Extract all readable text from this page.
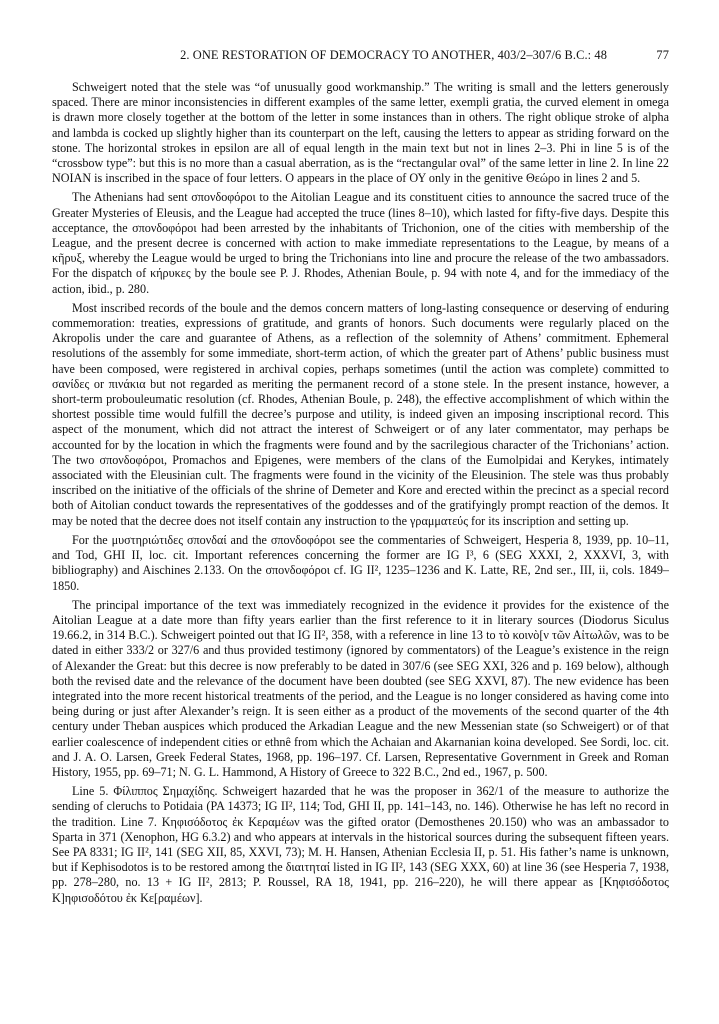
2. ONE RESTORATION OF DEMOCRACY TO ANOTHER, 403/2–307/6 B.C.: 48	77

Schweigert noted that the stele was “of unusually good workmanship.” The writing is small and the letters generously spaced. There are minor inconsistencies in different examples of the same letter, exempli gratia, the curved element in omega is drawn more closely together at the bottom of the letter in some instances than in others. The right oblique stroke of alpha and lambda is cocked up slightly higher than its counterpart on the left, causing the letters to appear as striding forward on the stone. The horizontal strokes in epsilon are all of equal length in the main text but not in lines 2–3. Phi in line 5 is of the “crossbow type”: but this is no more than a casual aberration, as is the “rectangular oval” of the same letter in line 2. In line 22 NOIAN is inscribed in the space of four letters. Ο appears in the place of ΟΥ only in the genitive Θεώρο in lines 2 and 5.

The Athenians had sent σπονδοφόροι to the Aitolian League and its constituent cities to announce the sacred truce of the Greater Mysteries of Eleusis, and the League had accepted the truce (lines 8–10), which lasted for fifty-five days. Despite this acceptance, the σπονδοφόροι had been arrested by the inhabitants of Trichonion, one of the cities with membership of the League, and the present decree is concerned with action to make immediate representations to the League, by means of a κῆρυξ, whereby the League would be urged to bring the Trichonians into line and procure the release of the two ambassadors. For the dispatch of κήρυκες by the boule see P. J. Rhodes, Athenian Boule, p. 94 with note 4, and for the immediacy of the action, ibid., p. 280.

Most inscribed records of the boule and the demos concern matters of long-lasting consequence or deserving of enduring commemoration: treaties, expressions of gratitude, and grants of honors. Such documents were regularly placed on the Akropolis under the care and guarantee of Athens, as a reflection of the solemnity of Athens’ commitment. Ephemeral resolutions of the assembly for some immediate, short-term action, of which the greater part of Athens’ public business must have been composed, were registered in archival copies, perhaps sometimes (until the action was complete) committed to σανίδες or πινάκια but not regarded as meriting the permanent record of a stone stele. In the present instance, however, a short-term probouleumatic resolution (cf. Rhodes, Athenian Boule, p. 248), the effective accomplishment of which within the shortest possible time would fulfill the decree’s purpose and utility, is indeed given an imposing inscriptional record. This aspect of the monument, which did not attract the interest of Schweigert or of any later commentator, may perhaps be accounted for by the location in which the fragments were found and by the sacrilegious character of the Trichonians’ action. The two σπονδοφόροι, Promachos and Epigenes, were members of the clans of the Eumolpidai and Kerykes, intimately associated with the Eleusinian cult. The fragments were found in the vicinity of the Eleusinion. The stele was thus probably inscribed on the initiative of the officials of the shrine of Demeter and Kore and erected within the precinct as a special record both of Aitolian conduct towards the representatives of the goddesses and of the gratifyingly prompt reaction of the demos. It may be noted that the decree does not itself contain any instruction to the γραμματεύς for its inscription and setting up.

For the μυστηριώτιδες σπονδαί and the σπονδοφόροι see the commentaries of Schweigert, Hesperia 8, 1939, pp. 10–11, and Tod, GHI II, loc. cit. Important references concerning the former are IG I³, 6 (SEG XXXI, 2, XXXVI, 3, with bibliography) and Aischines 2.133. On the σπονδοφόροι cf. IG II², 1235–1236 and K. Latte, RE, 2nd ser., III, ii, cols. 1849–1850.

The principal importance of the text was immediately recognized in the evidence it provides for the existence of the Aitolian League at a date more than fifty years earlier than the first reference to it in literary sources (Diodorus Siculus 19.66.2, in 314 B.C.). Schweigert pointed out that IG II², 358, with a reference in line 13 to τὸ κοινὸ[ν τῶν Αἰτωλῶν, was to be dated in either 333/2 or 327/6 and thus provided testimony (ignored by commentators) of the League’s existence in the reign of Alexander the Great: but this decree is now preferably to be dated in 307/6 (see SEG XXI, 326 and p. 169 below), although both the revised date and the relevance of the document have been doubted (see SEG XXVI, 87). The new evidence has been integrated into the more recent historical treatments of the period, and the League is no longer considered as having come into being during or just after Alexander’s reign. It is seen either as a product of the movements of the second quarter of the 4th century under Theban auspices which produced the Arkadian League and the new Messenian state (so Schweigert) or of that earlier coalescence of independent cities or ethnê from which the Achaian and Akarnanian koina developed. See Sordi, loc. cit. and J. A. O. Larsen, Greek Federal States, 1968, pp. 196–197. Cf. Larsen, Representative Government in Greek and Roman History, 1955, pp. 69–71; N. G. L. Hammond, A History of Greece to 322 B.C., 2nd ed., 1967, p. 500.

Line 5. Φίλιππος Σημαχίδης. Schweigert hazarded that he was the proposer in 362/1 of the measure to authorize the sending of cleruchs to Potidaia (PA 14373; IG II², 114; Tod, GHI II, pp. 141–143, no. 146). Otherwise he has left no record in the tradition. Line 7. Κηφισόδοτος ἐκ Κεραμέων was the gifted orator (Demosthenes 20.150) who was an ambassador to Sparta in 371 (Xenophon, HG 6.3.2) and who appears at intervals in the historical sources during the subsequent fifteen years. See PA 8331; IG II², 141 (SEG XII, 85, XXVI, 73); M. H. Hansen, Athenian Ecclesia II, p. 51. His father’s name is unknown, but if Kephisodotos is to be restored among the διαιτηταί listed in IG II², 143 (SEG XXX, 60) at line 36 (see Hesperia 7, 1938, pp. 278–280, no. 13 + IG II², 2813; P. Roussel, RA 18, 1941, pp. 216–220), he will there appear as [Κηφισόδοτος Κ]ηφισοδότου ἐκ Κε[ραμέων].
